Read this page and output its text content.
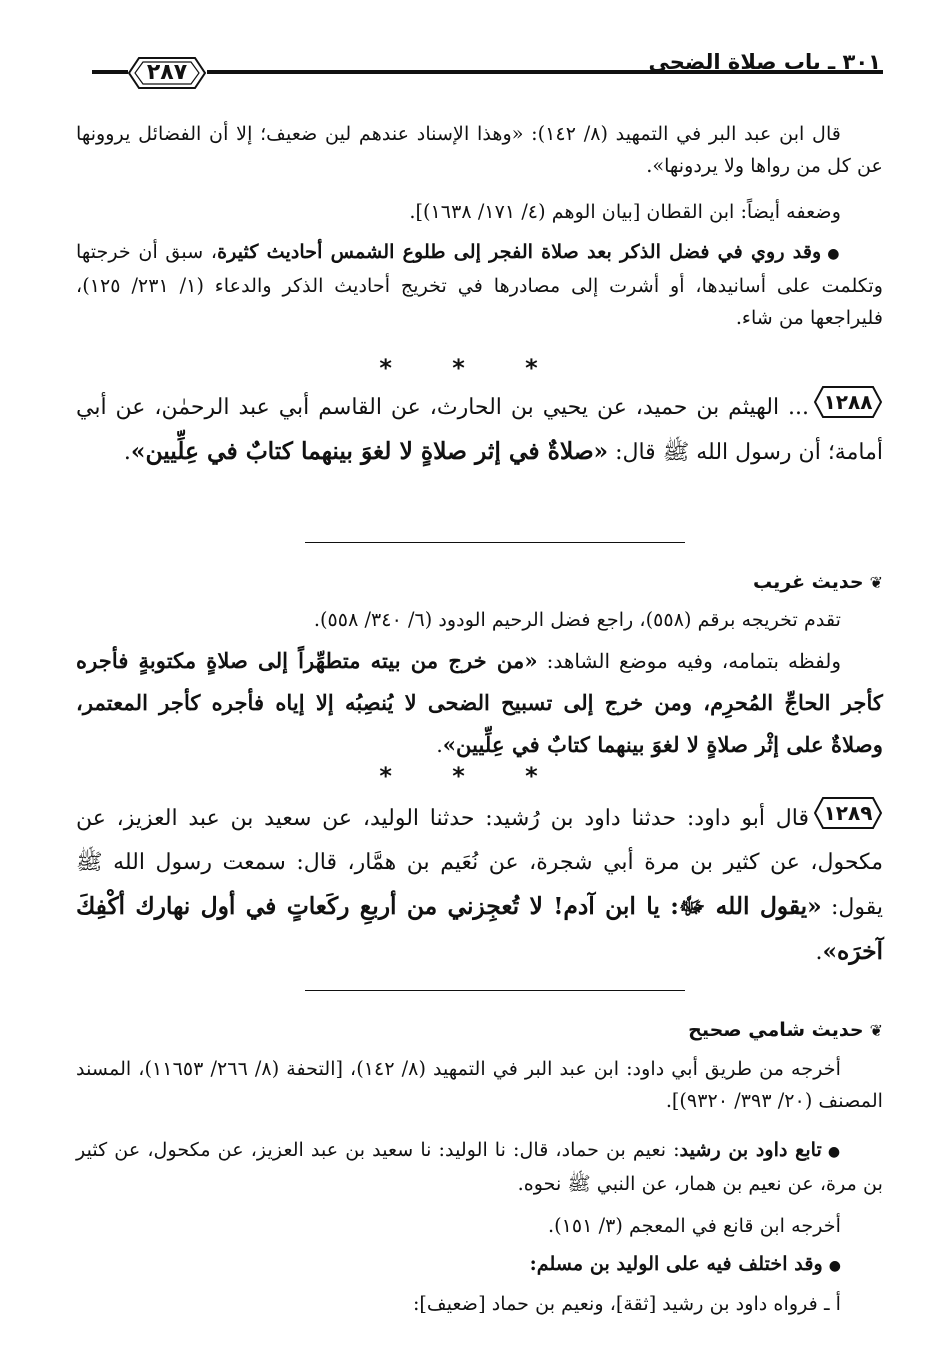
٣٠١ ـ باب صلاة الضحى
٢٨٧

قال ابن عبد البر في التمهيد (٨/ ١٤٢): «وهذا الإسناد عندهم لين ضعيف؛ إلا أن الفضائل يروونها عن كل من رواها ولا يردونها».

وضعفه أيضاً: ابن القطان [بيان الوهم (٤/ ١٧١/ ١٦٣٨)].

●وقد روي في فضل الذكر بعد صلاة الفجر إلى طلوع الشمس أحاديث كثيرة، سبق أن خرجتها وتكلمت على أسانيدها، أو أشرت إلى مصادرها في تخريج أحاديث الذكر والدعاء (١/ ٢٣١/ ١٢٥)، فليراجعها من شاء.

* * *

١٢٨٨
... الهيثم بن حميد، عن يحيي بن الحارث، عن القاسم أبي عبد الرحمٰن، عن أبي أمامة؛ أن رسول الله ﷺ قال: «صلاةٌ في إثر صلاةٍ لا لغوَ بينهما كتابٌ في عِلِّيين».

❦حديث غريب

تقدم تخريجه برقم (٥٥٨)، راجع فضل الرحيم الودود (٦/ ٣٤٠/ ٥٥٨).

ولفظه بتمامه، وفيه موضع الشاهد: «من خرج من بيته متطهِّراً إلى صلاةٍ مكتوبةٍ فأجره كأجر الحاجِّ المُحرِم، ومن خرج إلى تسبيح الضحى لا يُنصِبُه إلا إياه فأجره كأجر المعتمر، وصلاةٌ على إثْر صلاةٍ لا لغوَ بينهما كتابٌ في عِلِّيين».

* * *

١٢٨٩
قال أبو داود: حدثنا داود بن رُشيد: حدثنا الوليد، عن سعيد بن عبد العزيز، عن مكحول، عن كثير بن مرة أبي شجرة، عن نُعَيم بن همَّار، قال: سمعت رسول الله ﷺ يقول: «يقول الله ﷻ: يا ابن آدم! لا تُعجِزني من أربعِ ركَعاتٍ في أول نهارك أكْفِكَ آخرَه».

❦حديث شامي صحيح

أخرجه من طريق أبي داود: ابن عبد البر في التمهيد (٨/ ١٤٢)، [التحفة (٨/ ٢٦٦/ ١١٦٥٣)، المسند المصنف (٢٠/ ٣٩٣/ ٩٣٢٠)].

●تابع داود بن رشيد: نعيم بن حماد، قال: نا الوليد: نا سعيد بن عبد العزيز، عن مكحول، عن كثير بن مرة، عن نعيم بن همار، عن النبي ﷺ نحوه.

أخرجه ابن قانع في المعجم (٣/ ١٥١).

●وقد اختلف فيه على الوليد بن مسلم:

أ ـ فرواه داود بن رشيد [ثقة]، ونعيم بن حماد [ضعيف]:
